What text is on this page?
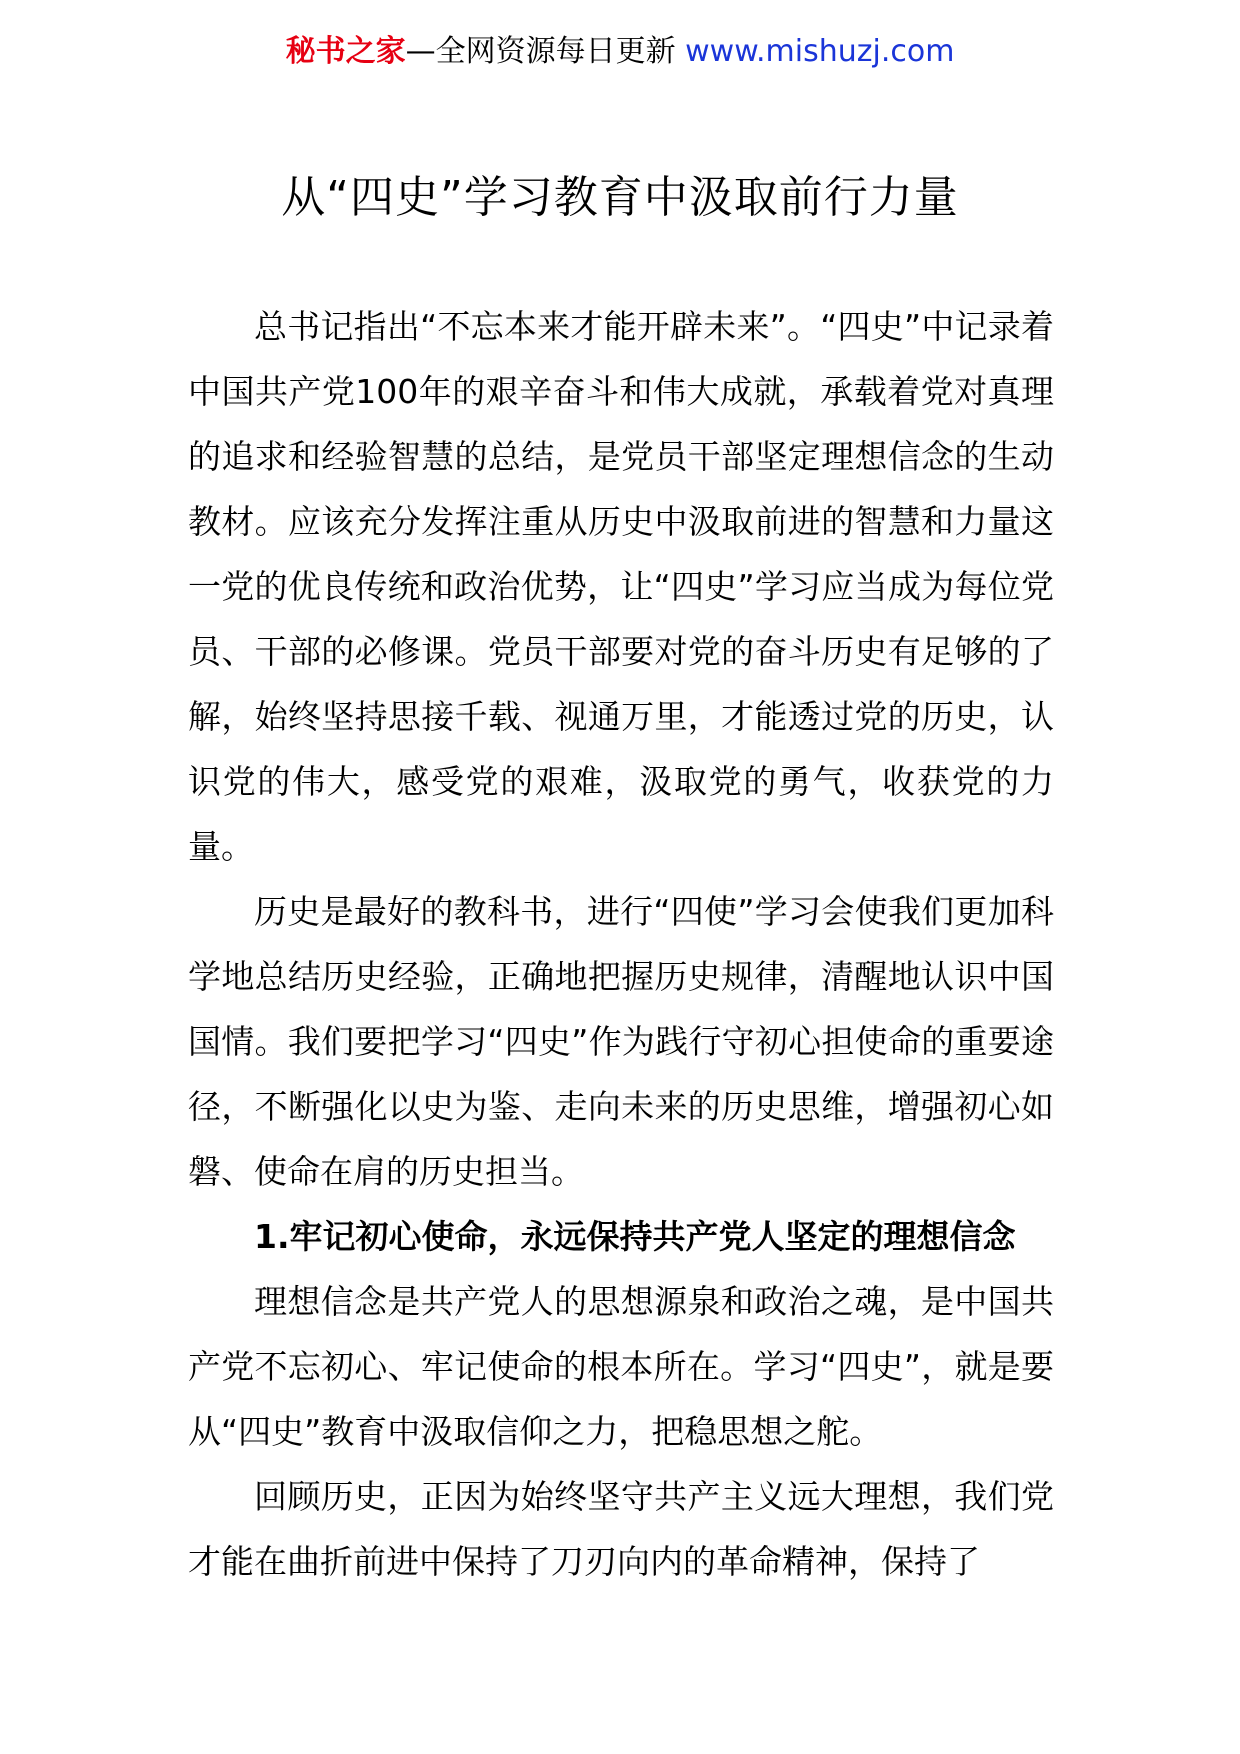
秘书之家—全网资源每日更新 www.mishuzj.com
从“四史”学习教育中汲取前行力量

总书记指出“不忘本来才能开辟未来”。“四史”中记录着中国共产党100年的艰辛奋斗和伟大成就，承载着党对真理的追求和经验智慧的总结，是党员干部坚定理想信念的生动教材。应该充分发挥注重从历史中汲取前进的智慧和力量这一党的优良传统和政治优势，让“四史”学习应当成为每位党员、干部的必修课。党员干部要对党的奋斗历史有足够的了解，始终坚持思接千载、视通万里，才能透过党的历史，认识党的伟大，感受党的艰难，汲取党的勇气，收获党的力量。

历史是最好的教科书，进行“四使”学习会使我们更加科学地总结历史经验，正确地把握历史规律，清醒地认识中国国情。我们要把学习“四史”作为践行守初心担使命的重要途径，不断强化以史为鉴、走向未来的历史思维，增强初心如磐、使命在肩的历史担当。

1.牢记初心使命，永远保持共产党人坚定的理想信念

理想信念是共产党人的思想源泉和政治之魂，是中国共产党不忘初心、牢记使命的根本所在。学习“四史”，就是要从“四史”教育中汲取信仰之力，把稳思想之舵。

回顾历史，正因为始终坚守共产主义远大理想，我们党才能在曲折前进中保持了刀刃向内的革命精神，保持了
